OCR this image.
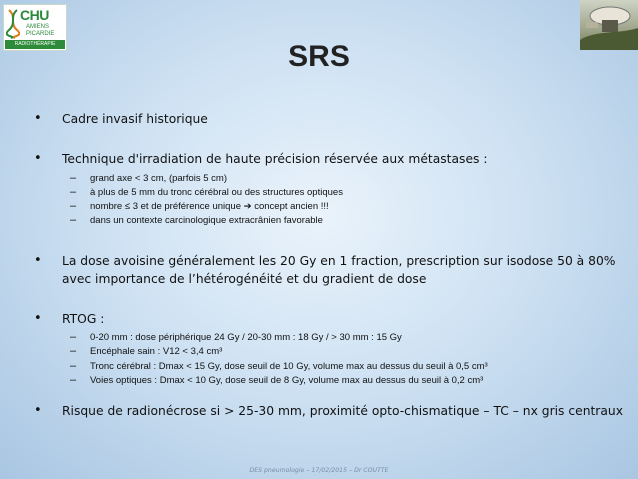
CHU
AMIENS
PICARDIE
RADIOTHÉRAPIE	SRS
• Cadre invasif historique
• Technique d'irradiation de haute précision réservée aux métastases :
– grand axe < 3 cm, (parfois 5 cm)
– à plus de 5 mm du tronc cérébral ou des structures optiques
– nombre ≤ 3 et de préférence unique ➔ concept ancien !!!
– dans un contexte carcinologique extracrânien favorable
• La dose avoisine généralement les 20 Gy en 1 fraction, prescription sur isodose 50 à 80% avec importance de l’hétérogénéité et du gradient de dose
• RTOG :
– 0-20 mm : dose périphérique 24 Gy / 20-30 mm : 18 Gy / > 30 mm : 15 Gy
– Encéphale sain : V12 < 3,4 cm³
– Tronc cérébral : Dmax < 15 Gy, dose seuil de 10 Gy, volume max au dessus du seuil à 0,5 cm³
– Voies optiques : Dmax < 10 Gy, dose seuil de 8 Gy, volume max au dessus du seuil à 0,2 cm³
• Risque de radionécrose si > 25-30 mm, proximité opto-chismatique – TC – nx gris centraux
DES pneumologie – 17/02/2015 – Dr COUTTE
